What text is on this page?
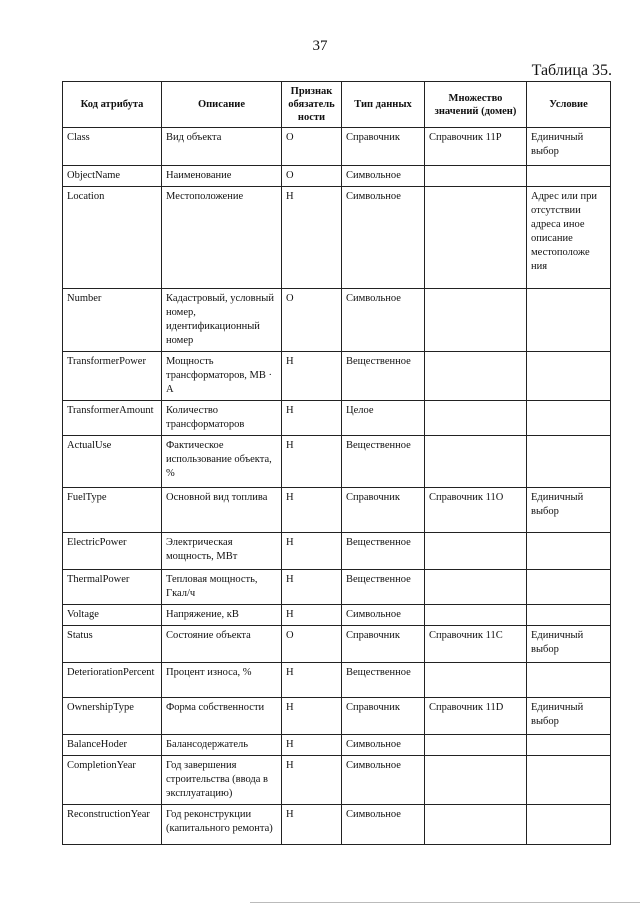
37
Таблица 35.
Код атрибута	Описание	Признак обязатель ности	Тип данных	Множество значений (домен)	Условие
Class	Вид объекта	О	Справочник	Справочник 11Р	Единичный выбор
ObjectName	Наименование	О	Символьное		
Location	Местоположение	Н	Символьное		Адрес или при отсутствии адреса иное описание местоположе ния
Number	Кадастровый, условный номер, идентификационный номер	О	Символьное		
TransformerPower	Мощность трансформаторов, МВ · А	Н	Вещественное		
TransformerAmount	Количество трансформаторов	Н	Целое		
ActualUse	Фактическое использование объекта, %	Н	Вещественное		
FuelType	Основной вид топлива	Н	Справочник	Справочник 11О	Единичный выбор
ElectricPower	Электрическая мощность, МВт	Н	Вещественное		
ThermalPower	Тепловая мощность, Гкал/ч	Н	Вещественное		
Voltage	Напряжение, кВ	Н	Символьное		
Status	Состояние объекта	О	Справочник	Справочник 11С	Единичный выбор
DeteriorationPercent	Процент износа, %	Н	Вещественное		
OwnershipType	Форма собственности	Н	Справочник	Справочник 11D	Единичный выбор
BalanceHoder	Балансодержатель	Н	Символьное		
CompletionYear	Год завершения строительства (ввода в эксплуатацию)	Н	Символьное		
ReconstructionYear	Год реконструкции (капитального ремонта)	Н	Символьное		
